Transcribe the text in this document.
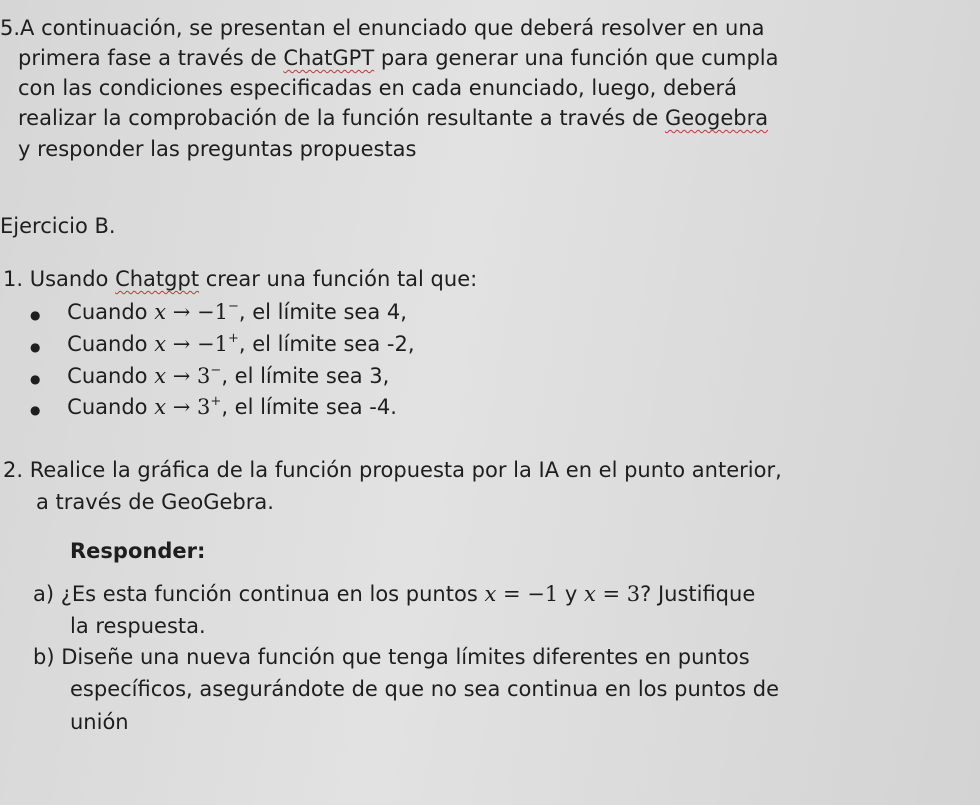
5.A continuación, se presentan el enunciado que deberá resolver en una
primera fase a través de ChatGPT para generar una función que cumpla
con las condiciones especificadas en cada enunciado, luego, deberá
realizar la comprobación de la función resultante a través de Geogebra
y responder las preguntas propuestas
Ejercicio B.
1. Usando Chatgpt crear una función tal que:
● Cuando x → −1−, el límite sea 4,
● Cuando x → −1+, el límite sea -2,
● Cuando x → 3−, el límite sea 3,
● Cuando x → 3+, el límite sea -4.
2. Realice la gráfica de la función propuesta por la IA en el punto anterior,
a través de GeoGebra.
Responder:
a) ¿Es esta función continua en los puntos x = −1 y x = 3? Justifique
la respuesta.
b) Diseñe una nueva función que tenga límites diferentes en puntos
específicos, asegurándote de que no sea continua en los puntos de
unión
